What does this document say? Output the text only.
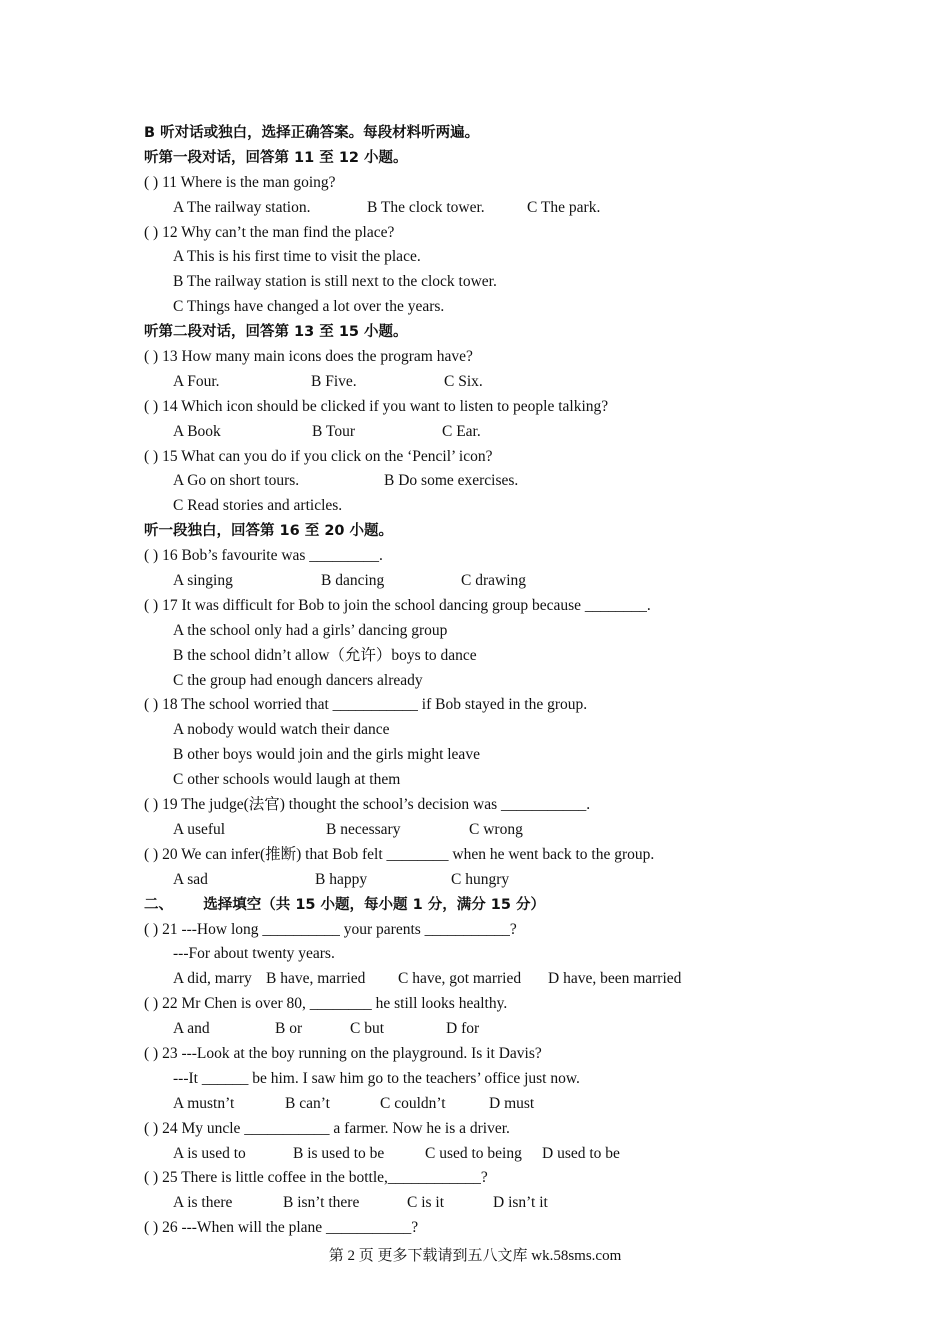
B 听对话或独白，选择正确答案。每段材料听两遍。
听第一段对话，回答第 11 至 12 小题。
( ) 11 Where is the man going?
A The railway station.	B The clock tower.	C The park.
( ) 12 Why can’t the man find the place?
A This is his first time to visit the place.
B The railway station is still next to the clock tower.
C Things have changed a lot over the years.
听第二段对话，回答第 13 至 15 小题。
( ) 13 How many main icons does the program have?
A Four.	B Five.	C Six.
( ) 14 Which icon should be clicked if you want to listen to people talking?
A Book	B Tour	C Ear.
( ) 15 What can you do if you click on the ‘Pencil’ icon?
A Go on short tours.	B Do some exercises.
C Read stories and articles.
听一段独白，回答第 16 至 20 小题。
( ) 16 Bob’s favourite was _________.
A singing	B dancing	C drawing
( ) 17 It was difficult for Bob to join the school dancing group because ________.
A the school only had a girls’ dancing group
B the school didn’t allow（允许）boys to dance
C the group had enough dancers already
( ) 18 The school worried that ___________ if Bob stayed in the group.
A nobody would watch their dance
B other boys would join and the girls might leave
C other schools would laugh at them
( ) 19 The judge(法官) thought the school’s decision was ___________.
A useful	B necessary	C wrong
( ) 20 We can infer(推断) that Bob felt ________ when he went back to the group.
A sad	B happy	C hungry
二、      选择填空（共 15 小题，每小题 1 分，满分 15 分）
( ) 21 ---How long __________ your parents ___________?
---For about twenty years.
A did, marry B have, married C have, got married D have, been married
( ) 22 Mr Chen is over 80, ________ he still looks healthy.
A and	B or	C but	D for
( ) 23 ---Look at the boy running on the playground. Is it Davis?
---It ______ be him. I saw him go to the teachers’ office just now.
A mustn’t	B can’t	C couldn’t	D must
( ) 24 My uncle ___________ a farmer. Now he is a driver.
A is used to	B is used to be	C used to being D used to be
( ) 25 There is little coffee in the bottle,____________?
A is there	B isn’t there	C is it	D isn’t it
( ) 26 ---When will the plane ___________?
第 2 页 更多下载请到五八文库 wk.58sms.com
